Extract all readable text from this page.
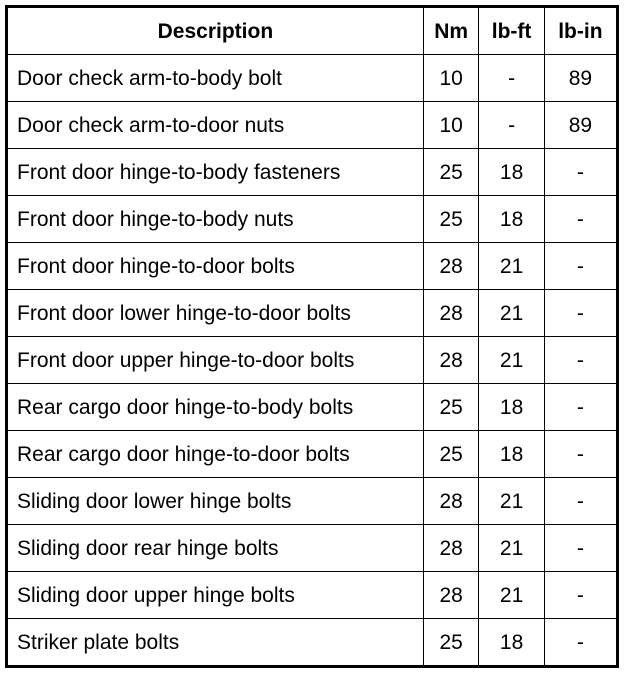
Description	Nm	lb-ft	lb-in
Door check arm-to-body bolt	10	-	89
Door check arm-to-door nuts	10	-	89
Front door hinge-to-body fasteners	25	18	-
Front door hinge-to-body nuts	25	18	-
Front door hinge-to-door bolts	28	21	-
Front door lower hinge-to-door bolts	28	21	-
Front door upper hinge-to-door bolts	28	21	-
Rear cargo door hinge-to-body bolts	25	18	-
Rear cargo door hinge-to-door bolts	25	18	-
Sliding door lower hinge bolts	28	21	-
Sliding door rear hinge bolts	28	21	-
Sliding door upper hinge bolts	28	21	-
Striker plate bolts	25	18	-
